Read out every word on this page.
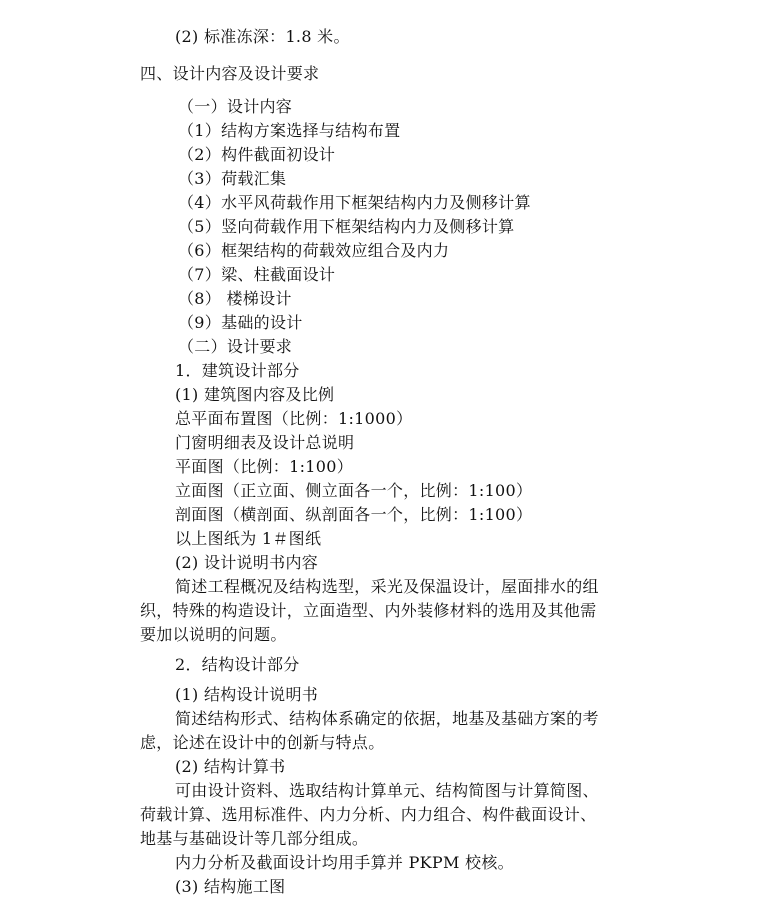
(2) 标准冻深：1.8 米。
四、设计内容及设计要求
（一）设计内容
（1）结构方案选择与结构布置
（2）构件截面初设计
（3）荷载汇集
（4）水平风荷载作用下框架结构内力及侧移计算
（5）竖向荷载作用下框架结构内力及侧移计算
（6）框架结构的荷载效应组合及内力
（7）梁、柱截面设计
（8） 楼梯设计
（9）基础的设计
（二）设计要求
1．建筑设计部分
(1) 建筑图内容及比例
总平面布置图（比例：1:1000）
门窗明细表及设计总说明
平面图（比例：1:100）
立面图（正立面、侧立面各一个，比例：1:100）
剖面图（横剖面、纵剖面各一个，比例：1:100）
以上图纸为 1＃图纸
(2) 设计说明书内容
简述工程概况及结构选型，采光及保温设计，屋面排水的组
织，特殊的构造设计，立面造型、内外装修材料的选用及其他需
要加以说明的问题。
2．结构设计部分
(1) 结构设计说明书
简述结构形式、结构体系确定的依据，地基及基础方案的考
虑，论述在设计中的创新与特点。
(2) 结构计算书
可由设计资料、选取结构计算单元、结构简图与计算简图、
荷载计算、选用标准件、内力分析、内力组合、构件截面设计、
地基与基础设计等几部分组成。
内力分析及截面设计均用手算并 PKPM 校核。
(3) 结构施工图
